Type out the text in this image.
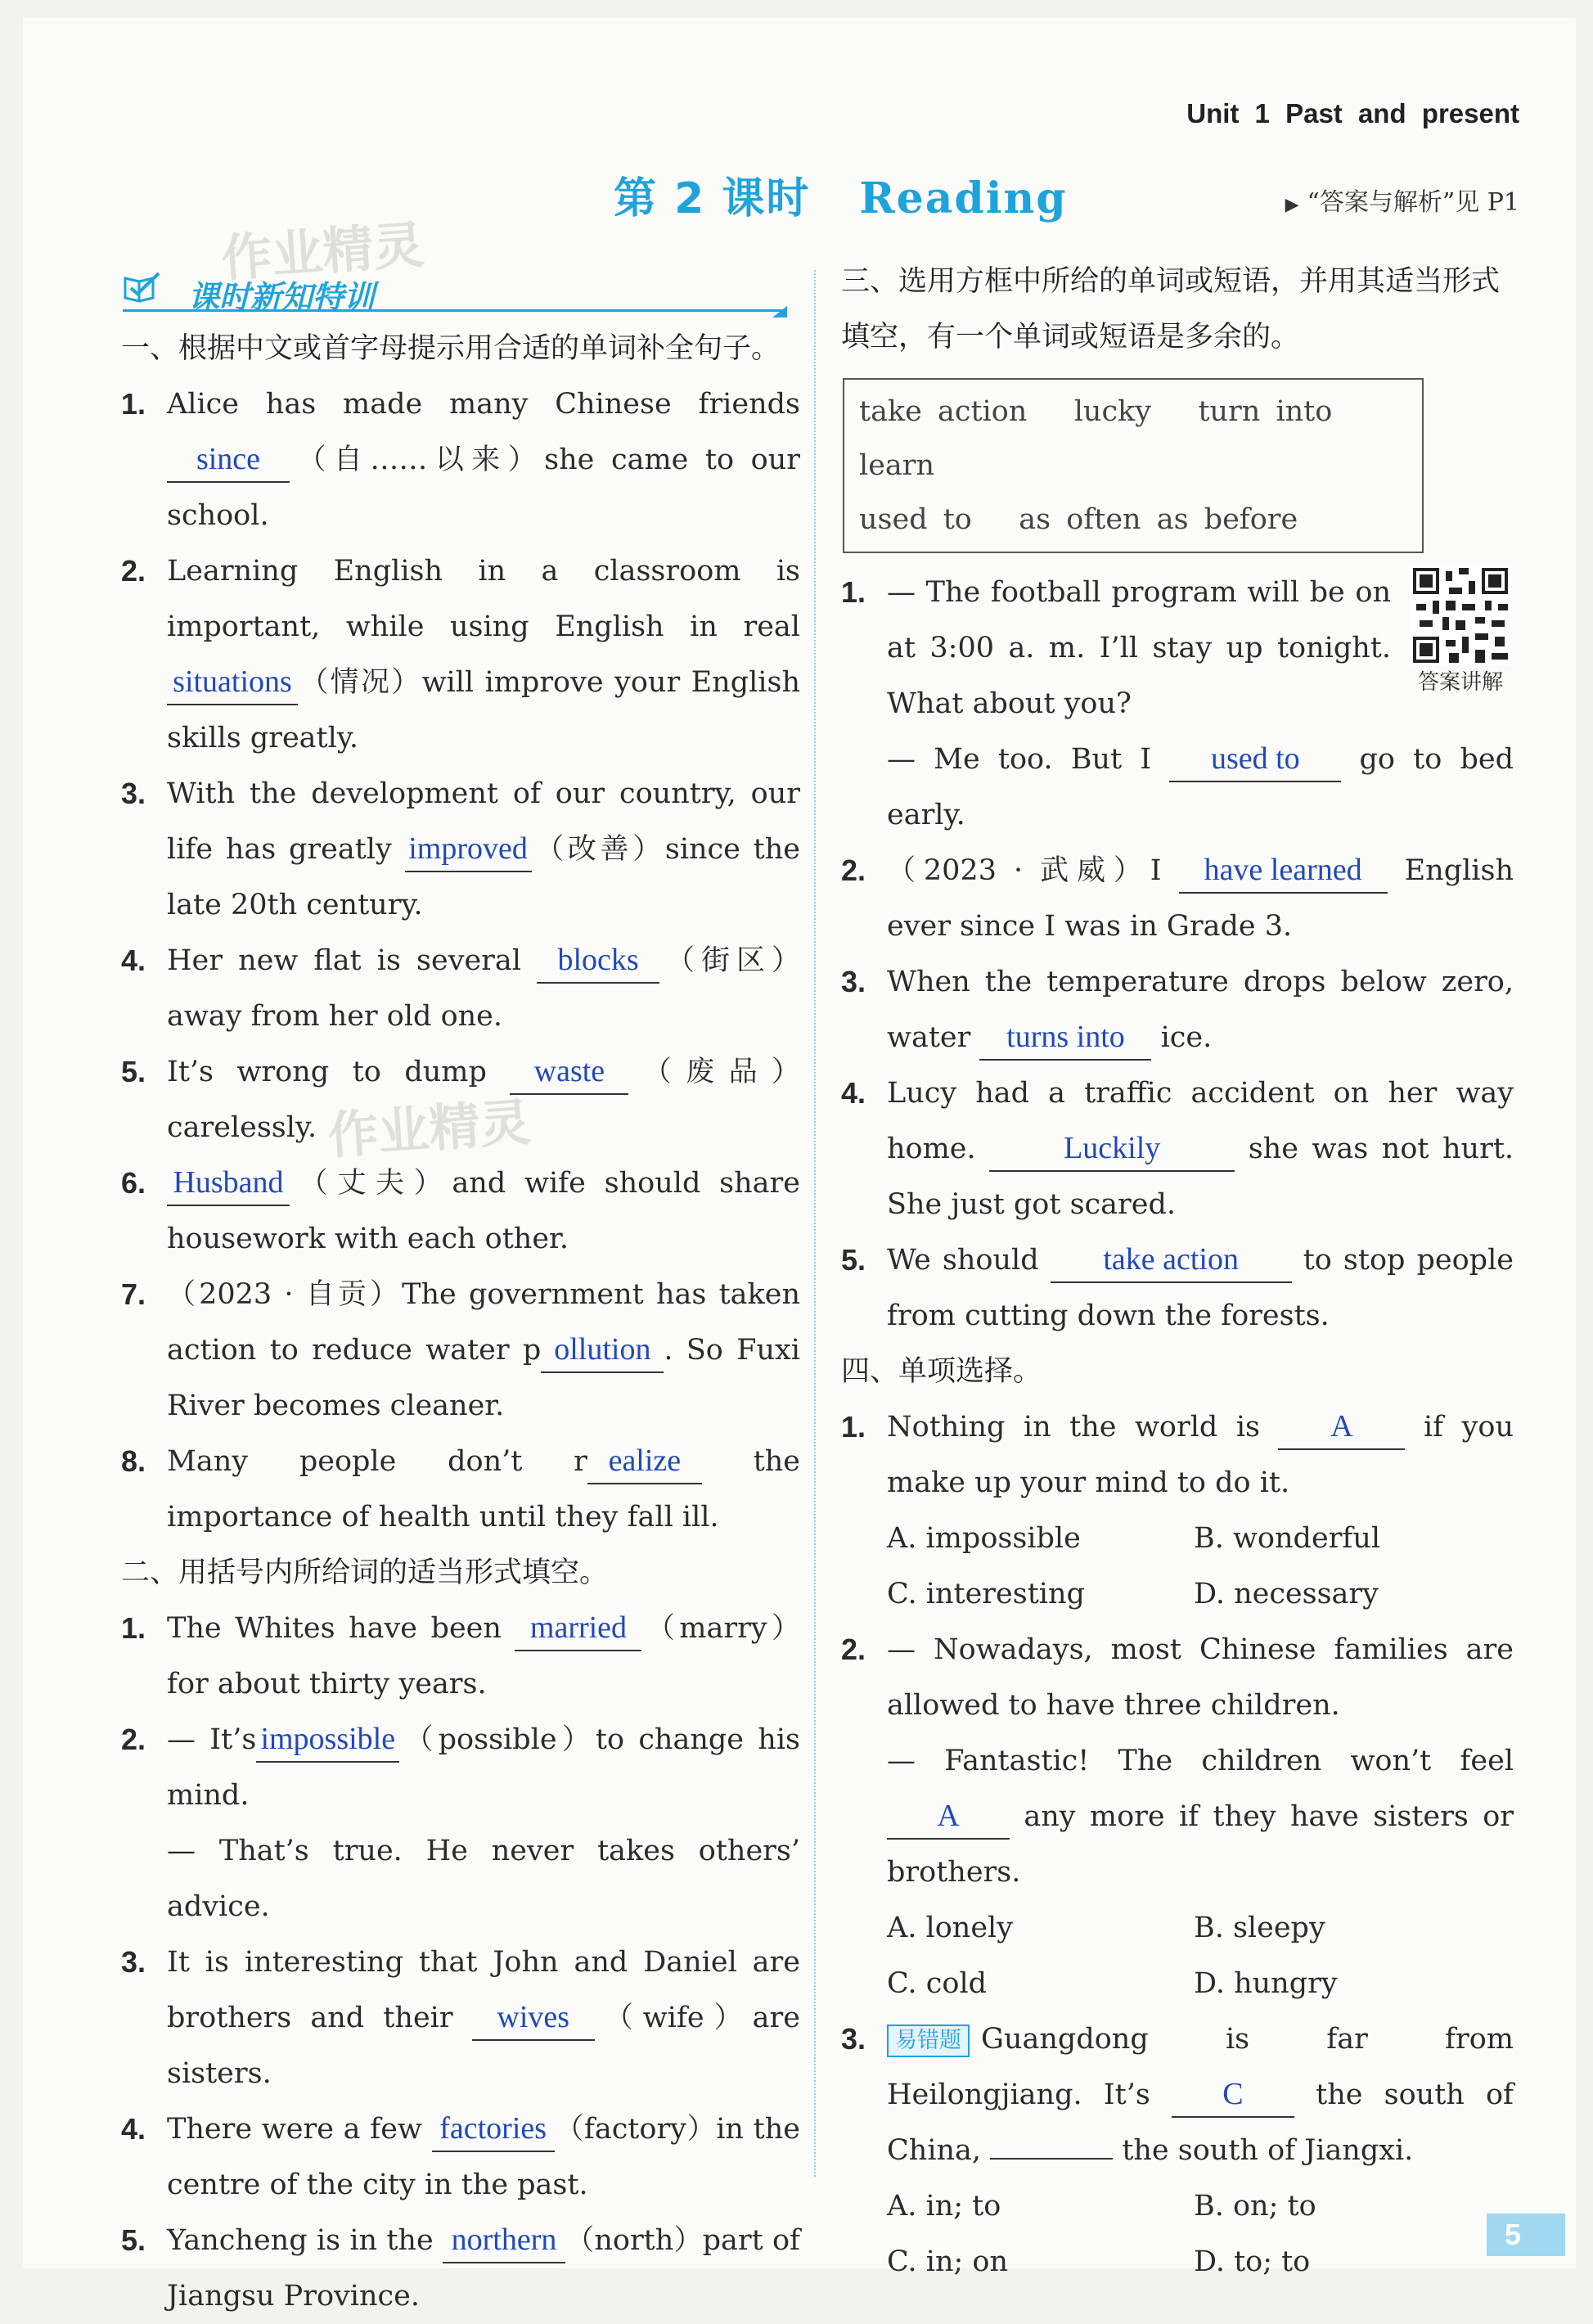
Unit 1 Past and present
第 2 课时 Reading	▶ “答案与解析”见 P1
作业精灵
作业精灵
课时新知特训
一、根据中文或首字母提示用合适的单词补全句子。
1. Alice has made many Chinese friends since （自……以来）she came to our school.
2. Learning English in a classroom is important, while using English in real situations （情况）will improve your English skills greatly.
3. With the development of our country, our life has greatly improved （改善）since the late 20th century.
4. Her new flat is several blocks （街区）away from her old one.
5. It’s wrong to dump waste （废品）carelessly.
6. Husband （丈夫）and wife should share housework with each other.
7. （2023 · 自贡）The government has taken action to reduce water p ollution . So Fuxi River becomes cleaner.
8. Many people don’t r ealize the importance of health until they fall ill.
二、用括号内所给词的适当形式填空。
1. The Whites have been married （marry）for about thirty years.
2. — It’s impossible （possible）to change his mind.
— That’s true. He never takes others’ advice.
3. It is interesting that John and Daniel are brothers and their wives （wife）are sisters.
4. There were a few factories （factory）in the centre of the city in the past.
5. Yancheng is in the northern （north）part of Jiangsu Province.
三、选用方框中所给的单词或短语，并用其适当形式填空，有一个单词或短语是多余的。
take action lucky turn into   learn
used to as often as before
答案讲解
1. — The football program will be on at 3:00 a. m. I’ll stay up tonight. What about you?
— Me too. But I used to go to bed early.
2. （2023 · 武威）I have learned English ever since I was in Grade 3.
3. When the temperature drops below zero, water turns into ice.
4. Lucy had a traffic accident on her way home. Luckily	she was not hurt. She just got scared.
5. We should take action to stop people from cutting down the forests.
四、单项选择。
1. Nothing in the world is A if you make up your mind to do it.
A. impossible	B. wonderful
C. interesting	D. necessary
2. — Nowadays, most Chinese families are allowed to have three children.
— Fantastic! The children won’t feel A any more if they have sisters or brothers.
A. lonely	B. sleepy
C. cold	D. hungry
3. 易错题 Guangdong is far from Heilongjiang. It’s C the south of China,	the south of Jiangxi.
A. in; to	B. on; to
C. in; on	D. to; to	5
